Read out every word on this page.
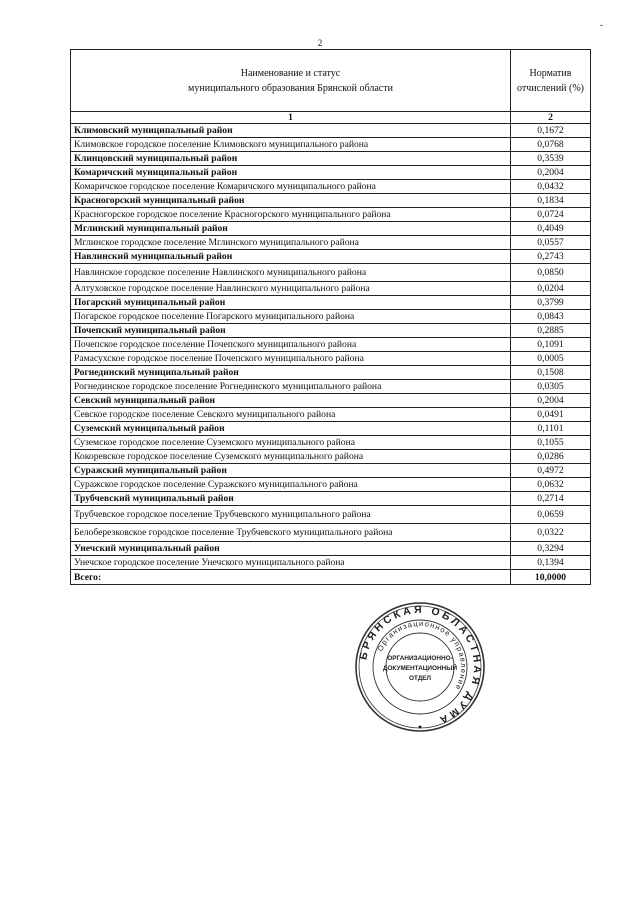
-
2
Наименование и статус
муниципального образования Брянской области	Норматив
отчислений (%)

1	2
Климовский муниципальный район	0,1672
Климовское городское поселение Климовского муниципального района	0,0768
Клинцовский муниципальный район	0,3539
Комаричский муниципальный район	0,2004
Комаричское городское поселение Комаричского муниципального района	0,0432
Красногорский муниципальный район	0,1834
Красногорское городское поселение Красногорского муниципального района	0,0724
Мглинский муниципальный район	0,4049
Мглинское городское поселение Мглинского муниципального района	0,0557
Навлинский муниципальный район	0,2743
Навлинское городское поселение Навлинского муниципального района	0,0850
Алтуховское городское поселение Навлинского муниципального района	0,0204
Погарский муниципальный район	0,3799
Погарское городское поселение Погарского муниципального района	0,0843
Почепский муниципальный район	0,2885
Почепское городское поселение Почепского муниципального района	0,1091
Рамасухское городское поселение Почепского муниципального района	0,0005
Рогнединский муниципальный район	0,1508
Рогнединское городское поселение Рогнединского муниципального района	0,0305
Севский муниципальный район	0,2004
Севское городское поселение Севского муниципального района	0,0491
Суземский муниципальный район	0,1101
Суземское городское поселение Суземского муниципального района	0,1055
Кокоревское городское поселение Суземского муниципального района	0,0286
Суражский муниципальный район	0,4972
Суражское городское поселение Суражского муниципального района	0,0632
Трубчевский муниципальный район	0,2714
Трубчевское городское поселение Трубчевского муниципального района	0,0659
Белоберезковское городское поселение Трубчевского муниципального района	0,0322
Унечский муниципальный район	0,3294
Унечское городское поселение Унечского муниципального района	0,1394
Всего:	10,0000
БРЯНСКАЯ ОБЛАСТНАЯ ДУМА
Организационное управление
ОРГАНИЗАЦИОННО-
ДОКУМЕНТАЦИОННЫЙ
ОТДЕЛ
